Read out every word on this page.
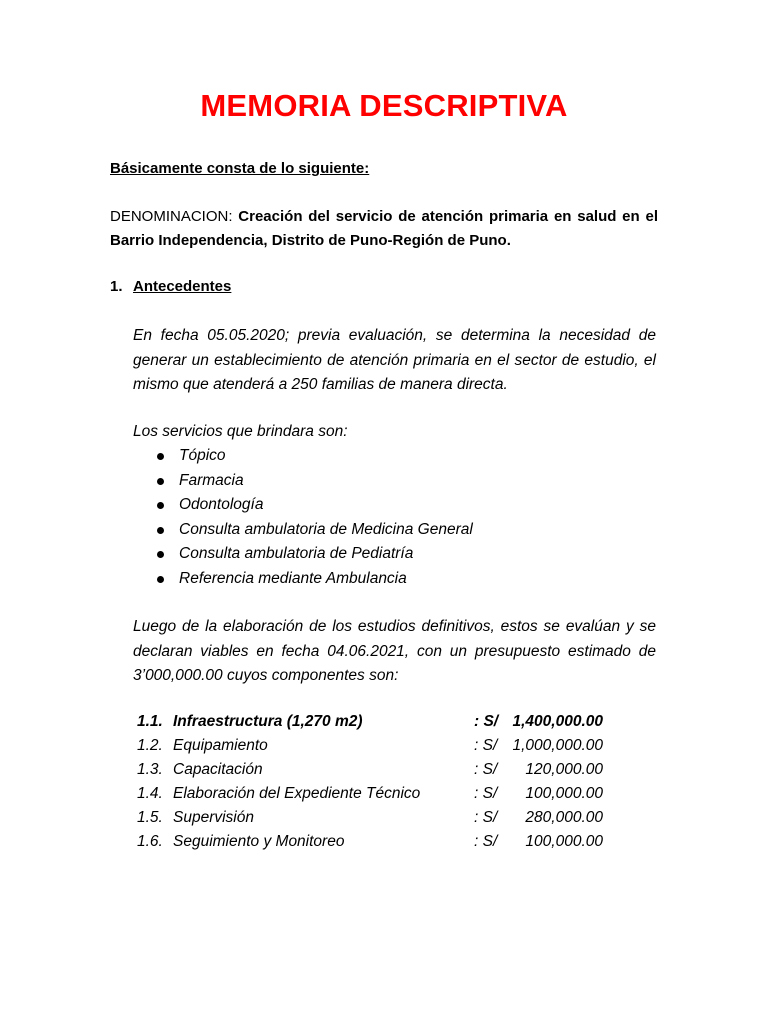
MEMORIA DESCRIPTIVA
Básicamente consta de lo siguiente:
DENOMINACION: Creación del servicio de atención primaria en salud en el Barrio Independencia, Distrito de Puno-Región de Puno.
1. Antecedentes
En fecha 05.05.2020; previa evaluación, se determina la necesidad de generar un establecimiento de atención primaria en el sector de estudio, el mismo que atenderá a 250 familias de manera directa.
Los servicios que brindara son:
Tópico
Farmacia
Odontología
Consulta ambulatoria de Medicina General
Consulta ambulatoria de Pediatría
Referencia mediante Ambulancia
Luego de la elaboración de los estudios definitivos, estos se evalúan y se declaran viables en fecha 04.06.2021, con un presupuesto estimado de 3’000,000.00 cuyos componentes son:
1.1. Infraestructura (1,270 m2)	: S/ 1,400,000.00
1.2. Equipamiento	: S/ 1,000,000.00
1.3. Capacitación	: S/	120,000.00
1.4. Elaboración del Expediente Técnico	: S/	100,000.00
1.5. Supervisión	: S/	280,000.00
1.6. Seguimiento y Monitoreo	: S/	100,000.00
